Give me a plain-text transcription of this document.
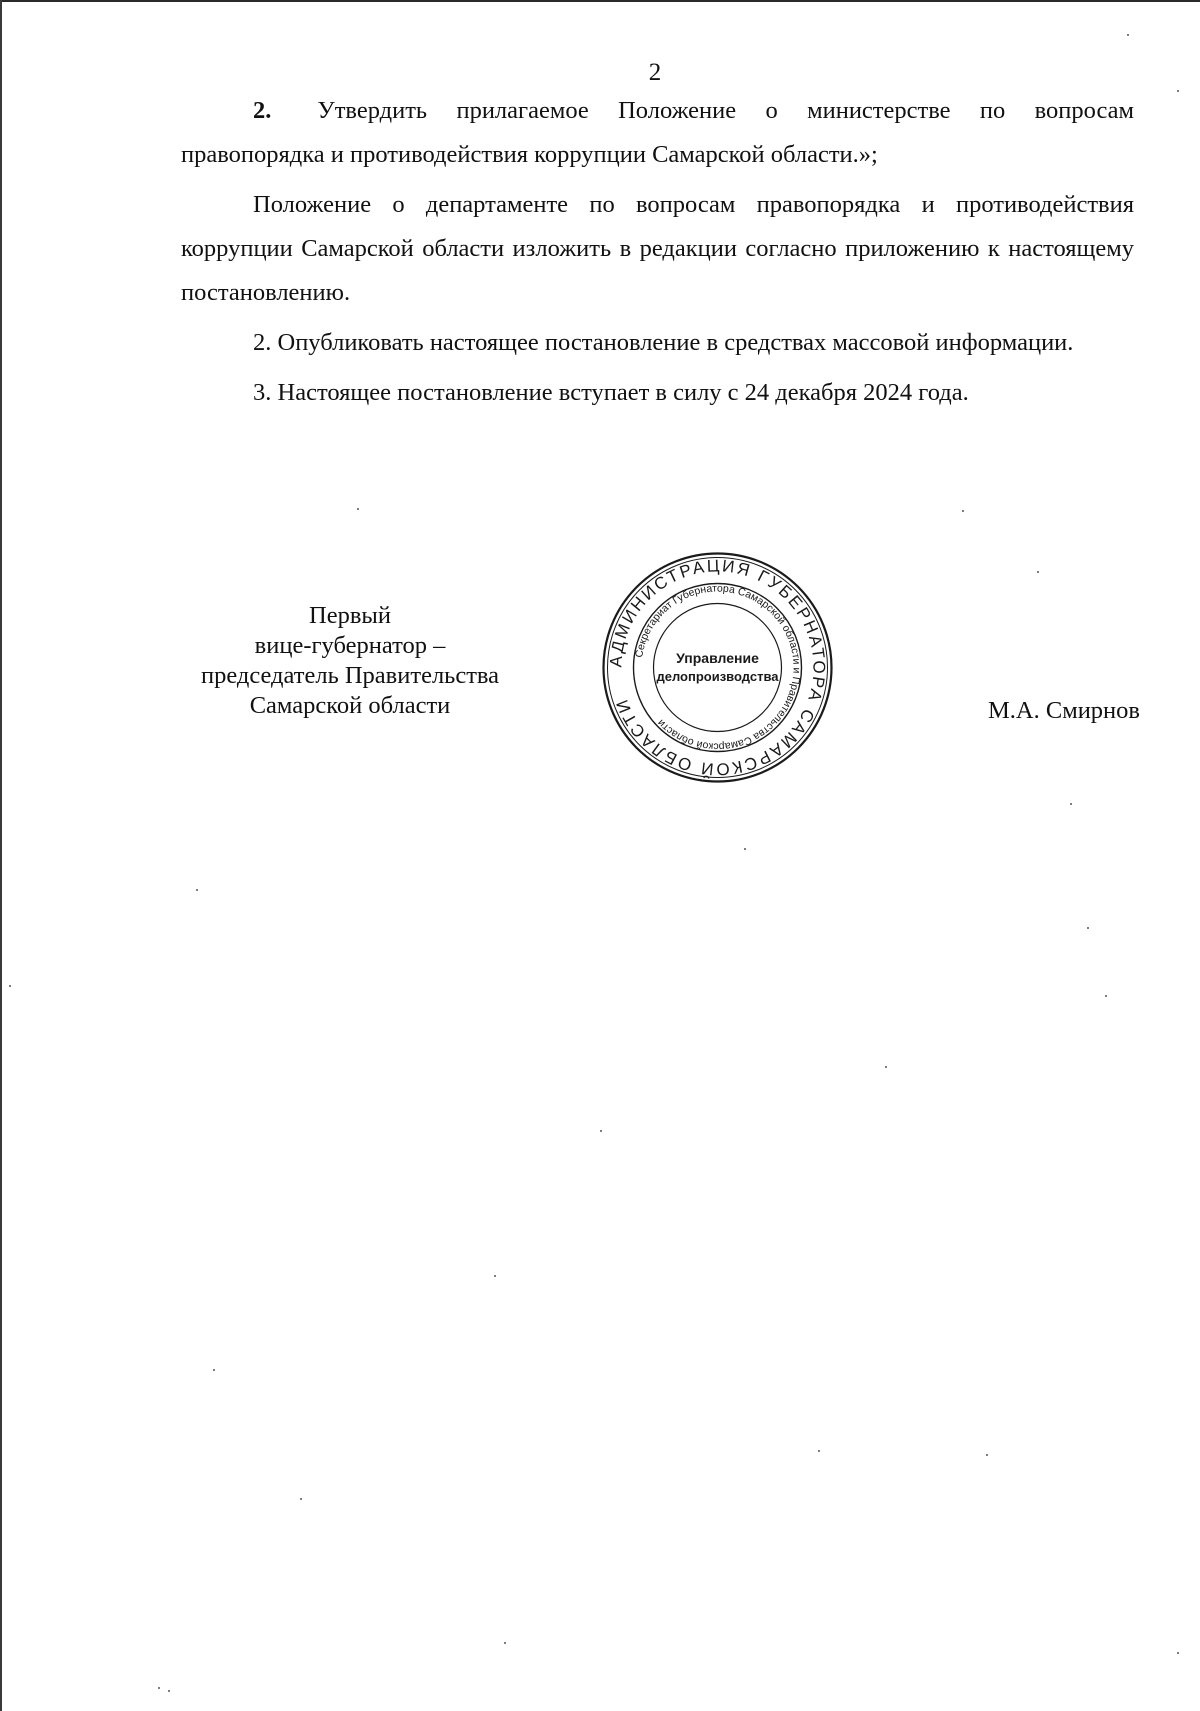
2

2. Утвердить прилагаемое Положение о министерстве по вопросам правопорядка и противодействия коррупции Самарской области.»;

Положение о департаменте по вопросам правопорядка и противодействия коррупции Самарской области изложить в редакции согласно приложению к настоящему постановлению.

2. Опубликовать настоящее постановление в средствах массовой информации.

3. Настоящее постановление вступает в силу с 24 декабря 2024 года.

Первый
вице-губернатор –
председатель Правительства
Самарской области
АДМИНИСТРАЦИЯ ГУБЕРНАТОРА САМАРСКОЙ ОБЛАСТИ
Секретариат Губернатора Самарской области и Правительства Самарской области
Управление
делопроизводства
М.А. Смирнов
